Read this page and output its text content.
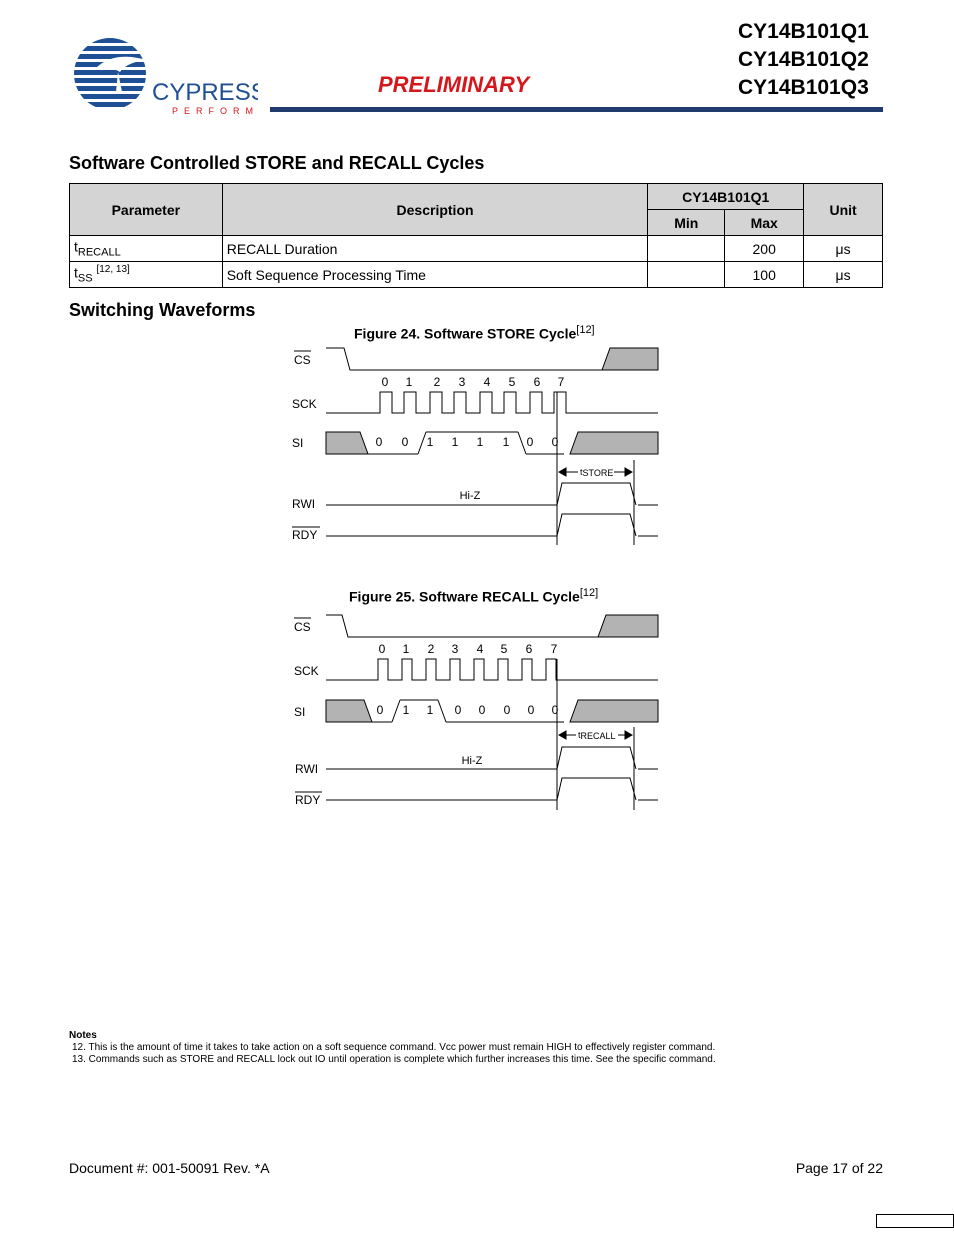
CYPRESS
PERFORM
PRELIMINARY
CY14B101Q1
CY14B101Q2
CY14B101Q3
Software Controlled STORE and RECALL Cycles
Parameter	Description	CY14B101Q1		Unit
		Min	Max	
$t_{RECALL}$	RECALL Duration		200	μs
$t_{SS}$ [12, 13]	Soft Sequence Processing Time		100	μs
Switching Waveforms
Figure 24. Software STORE Cycle[12]
CS
SCK
SI
RWI
RDY
0 1 2 3 4 5 6 7
0 0 1 1 1 1 0 0
tSTORE
Hi-Z
Figure 25. Software RECALL Cycle[12]
CS
SCK
SI
RWI
RDY
0 1 2 3 4 5 6 7
0 1 1 0 0 0 0 0
tRECALL
Hi-Z
Notes
12. This is the amount of time it takes to take action on a soft sequence command. Vcc power must remain HIGH to effectively register command.
13. Commands such as STORE and RECALL lock out IO until operation is complete which further increases this time. See the specific command.
Document #: 001-50091 Rev. *A	Page 17 of 22
